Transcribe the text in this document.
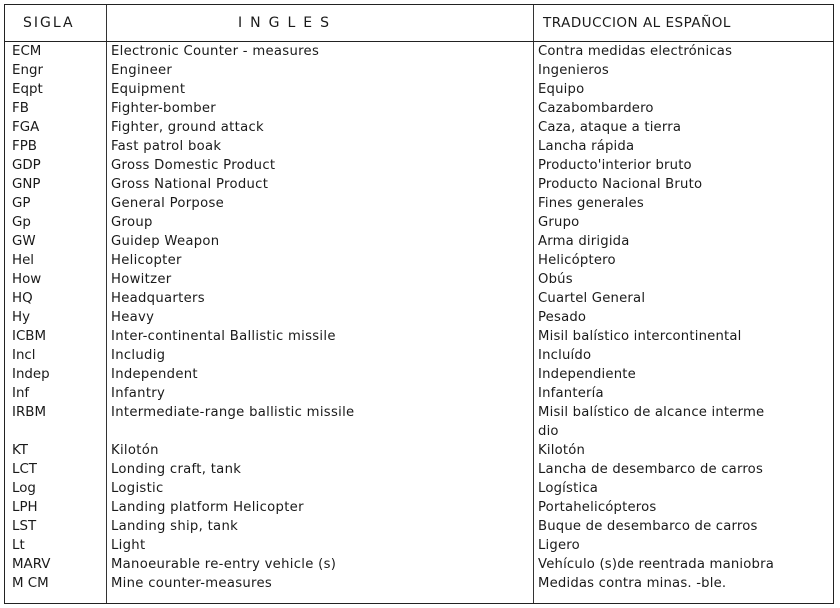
SIGLA	INGLES	TRADUCCION AL ESPAÑOL
ECM	Electronic Counter - measures	Contra medidas electrónicas
Engr	Engineer	Ingenieros
Eqpt	Equipment	Equipo
FB	Fighter-bomber	Cazabombardero
FGA	Fighter, ground attack	Caza, ataque a tierra
FPB	Fast patrol boak	Lancha rápida
GDP	Gross Domestic Product	Producto'interior bruto
GNP	Gross National Product	Producto Nacional Bruto
GP	General Porpose	Fines generales
Gp	Group	Grupo
GW	Guidep Weapon	Arma dirigida
Hel	Helicopter	Helicóptero
How	Howitzer	Obús
HQ	Headquarters	Cuartel General
Hy	Heavy	Pesado
ICBM	Inter-continental Ballistic missile	Misil balístico intercontinental
Incl	Includig	Incluído
Indep	Independent	Independiente
Inf	Infantry	Infantería
IRBM	Intermediate-range ballistic missile	Misil balístico de alcance interme
dio
KT	Kilotón	Kilotón
LCT	Londing craft, tank	Lancha de desembarco de carros
Log	Logistic	Logística
LPH	Landing platform Helicopter	Portahelicópteros
LST	Landing ship, tank	Buque de desembarco de carros
Lt	Light	Ligero
MARV	Manoeurable re-entry vehicle (s)	Vehículo (s)de reentrada maniobra
M CM	Mine counter-measures	Medidas contra minas. -ble.
